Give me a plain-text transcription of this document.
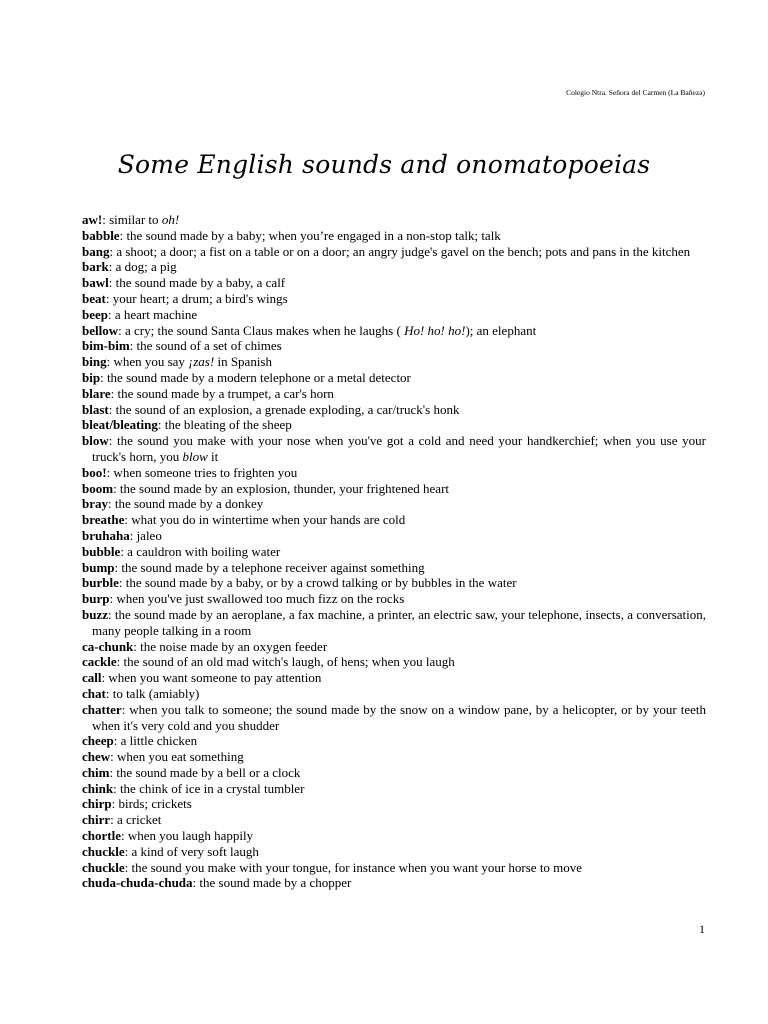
Colegio Ntra. Señora del Carmen (La Bañeza)
Some English sounds and onomatopoeias
aw!: similar to oh!
babble: the sound made by a baby; when you’re engaged in a non-stop talk; talk
bang: a shoot; a door; a fist on a table or on a door; an angry judge's gavel on the bench; pots and pans in the kitchen
bark: a dog; a pig
bawl: the sound made by a baby, a calf
beat: your heart; a drum; a bird's wings
beep: a heart machine
bellow: a cry; the sound Santa Claus makes when he laughs ( Ho! ho! ho!); an elephant
bim-bim: the sound of a set of chimes
bing: when you say ¡zas! in Spanish
bip: the sound made by a modern telephone or a metal detector
blare: the sound made by a trumpet, a car's horn
blast: the sound of an explosion, a grenade exploding, a car/truck's honk
bleat/bleating: the bleating of the sheep
blow: the sound you make with your nose when you've got a cold and need your handkerchief; when you use your truck's horn, you blow it
boo!: when someone tries to frighten you
boom: the sound made by an explosion, thunder, your frightened heart
bray: the sound made by a donkey
breathe: what you do in wintertime when your hands are cold
bruhaha: jaleo
bubble: a cauldron with boiling water
bump: the sound made by a telephone receiver against something
burble: the sound made by a baby, or by a crowd talking or by bubbles in the water
burp: when you've just swallowed too much fizz on the rocks
buzz: the sound made by an aeroplane, a fax machine, a printer, an electric saw, your telephone, insects, a conversation, many people talking in a room
ca-chunk: the noise made by an oxygen feeder
cackle: the sound of an old mad witch's laugh, of hens; when you laugh
call: when you want someone to pay attention
chat: to talk (amiably)
chatter: when you talk to someone; the sound made by the snow on a window pane, by a helicopter, or by your teeth when it's very cold and you shudder
cheep: a little chicken
chew: when you eat something
chim: the sound made by a bell or a clock
chink: the chink of ice in a crystal tumbler
chirp: birds; crickets
chirr: a cricket
chortle: when you laugh happily
chuckle: a kind of very soft laugh
chuckle: the sound you make with your tongue, for instance when you want your horse to move
chuda-chuda-chuda: the sound made by a chopper
1
